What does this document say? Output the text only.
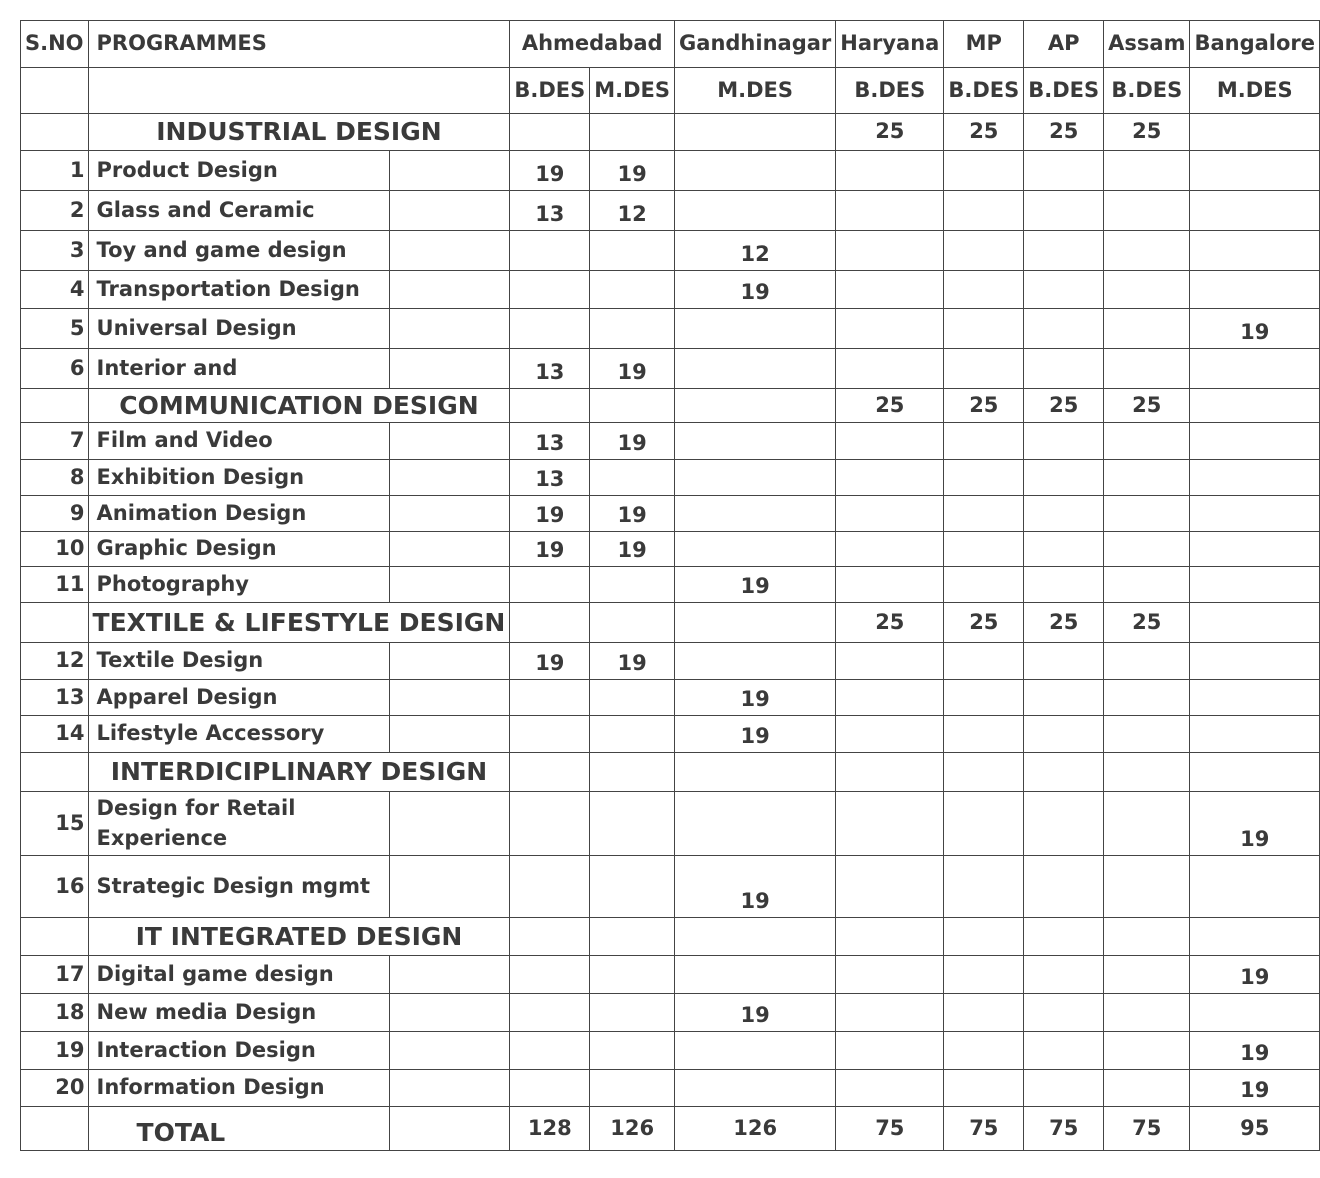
S.NO	PROGRAMMES		Ahmedabad		Gandhinagar	Haryana	MP	AP	Assam	Bangalore
			B.DES	M.DES	M.DES	B.DES	B.DES	B.DES	B.DES	M.DES
	INDUSTRIAL DESIGN					25	25	25	25	
1	Product Design		19	19						
2	Glass and Ceramic		13	12						
3	Toy and game design				12					
4	Transportation Design				19					
5	Universal Design									19
6	Interior and		13	19						
	COMMUNICATION DESIGN					25	25	25	25	
7	Film and Video		13	19						
8	Exhibition Design		13							
9	Animation Design		19	19						
10	Graphic Design		19	19						
11	Photography				19					
	TEXTILE & LIFESTYLE DESIGN					25	25	25	25	
12	Textile Design		19	19						
13	Apparel Design				19					
14	Lifestyle Accessory				19					
	INTERDICIPLINARY DESIGN									
15	Design for Retail Experience									19
16	Strategic Design mgmt				19					
	IT INTEGRATED DESIGN									
17	Digital game design									19
18	New media Design				19					
19	Interaction Design									19
20	Information Design									19
	TOTAL		128	126	126	75	75	75	75	95
